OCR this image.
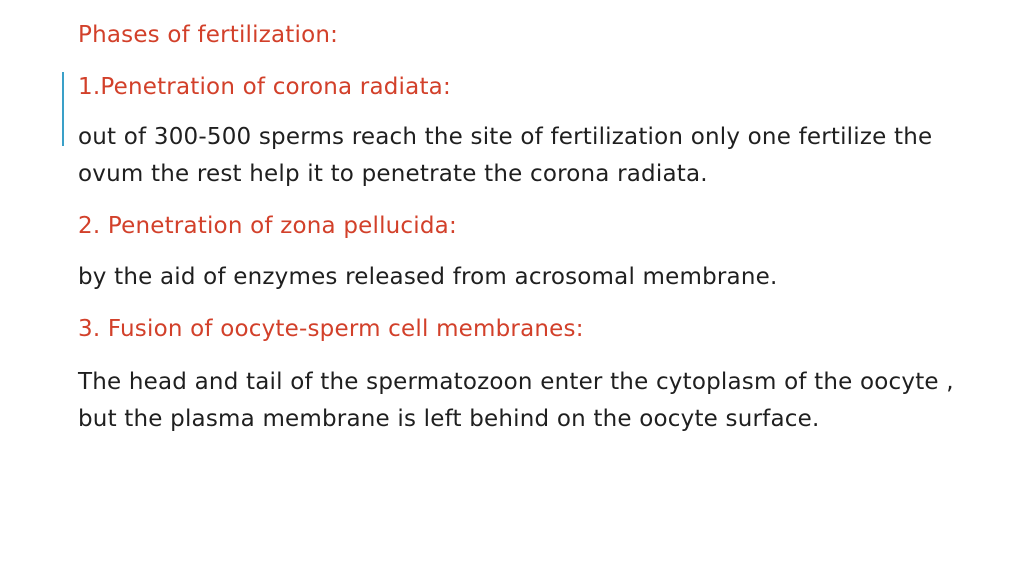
Phases of fertilization:

1.Penetration of corona radiata:

out of 300-500 sperms reach the site of fertilization only one fertilize the ovum the rest help it to penetrate the corona radiata.

2. Penetration of zona pellucida:

by the aid of enzymes released from acrosomal membrane.

3. Fusion of oocyte-sperm cell membranes:

The head and tail of the spermatozoon enter the cytoplasm of the oocyte , but the plasma membrane is left behind on the oocyte surface.
